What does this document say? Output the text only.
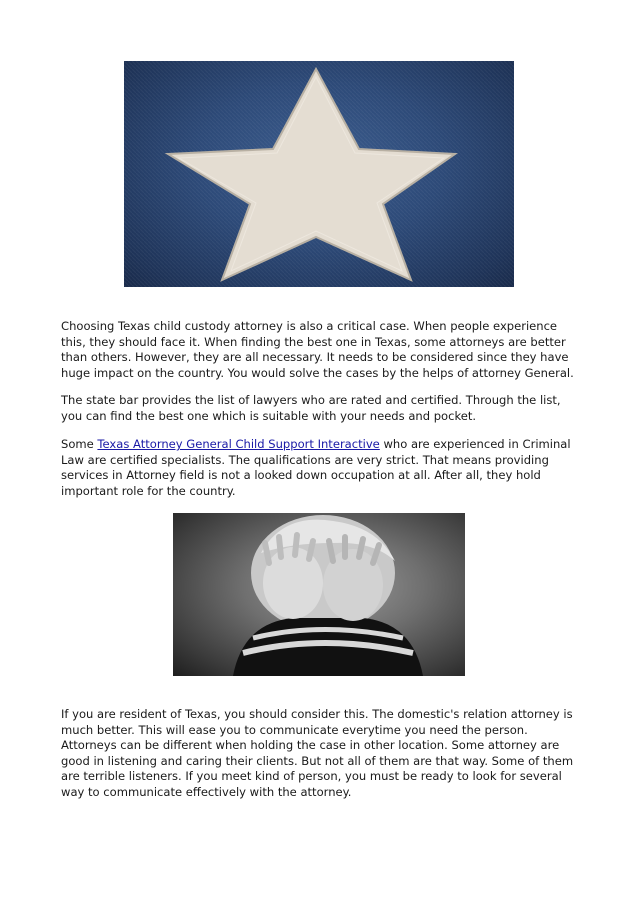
Choosing Texas child custody attorney is also a critical case. When people experience this, they should face it. When finding the best one in Texas, some attorneys are better than others. However, they are all necessary. It needs to be considered since they have huge impact on the country. You would solve the cases by the helps of attorney General.

The state bar provides the list of lawyers who are rated and certified. Through the list, you can find the best one which is suitable with your needs and pocket.

Some Texas Attorney General Child Support Interactive who are experienced in Criminal Law are certified specialists. The qualifications are very strict. That means providing services in Attorney field is not a looked down occupation at all. After all, they hold important role for the country.

If you are resident of Texas, you should consider this. The domestic's relation attorney is much better. This will ease you to communicate everytime you need the person. Attorneys can be different when holding the case in other location. Some attorney are good in listening and caring their clients. But not all of them are that way. Some of them are terrible listeners. If you meet kind of person, you must be ready to look for several way to communicate effectively with the attorney.
